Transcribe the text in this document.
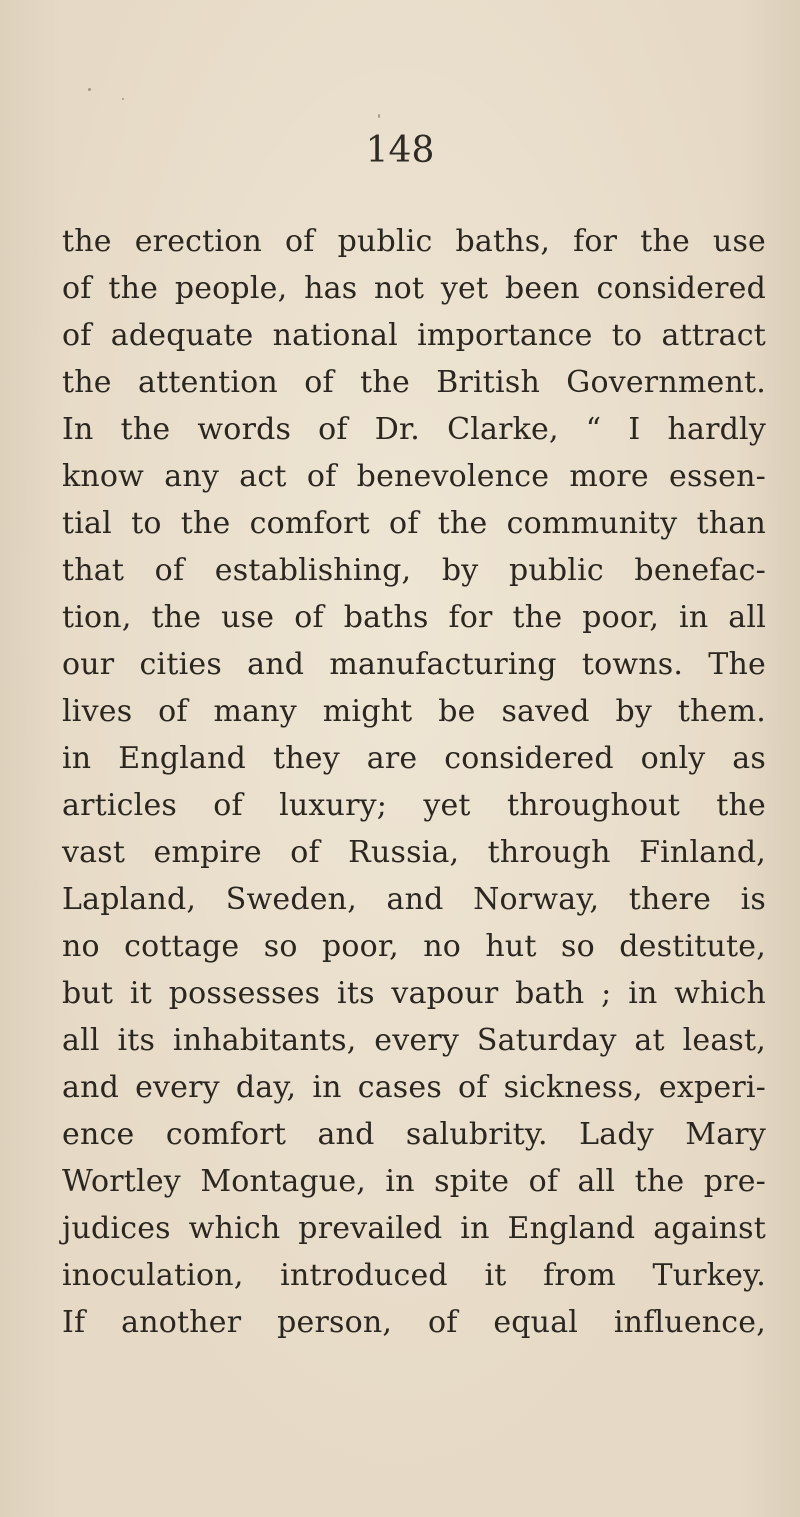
148
the erection of public baths, for the use
of the people, has not yet been considered
of adequate national importance to attract
the attention of the British Government.
In the words of Dr. Clarke, “ I hardly
know any act of benevolence more essen-
tial to the comfort of the community than
that of establishing, by public benefac-
tion, the use of baths for the poor, in all
our cities and manufacturing towns. The
lives of many might be saved by them.
in England they are considered only as
articles of luxury; yet throughout the
vast empire of Russia, through Finland,
Lapland, Sweden, and Norway, there is
no cottage so poor, no hut so destitute,
but it possesses its vapour bath ; in which
all its inhabitants, every Saturday at least,
and every day, in cases of sickness, experi-
ence comfort and salubrity. Lady Mary
Wortley Montague, in spite of all the pre-
judices which prevailed in England against
inoculation, introduced it from Turkey.
If another person, of equal influence,
